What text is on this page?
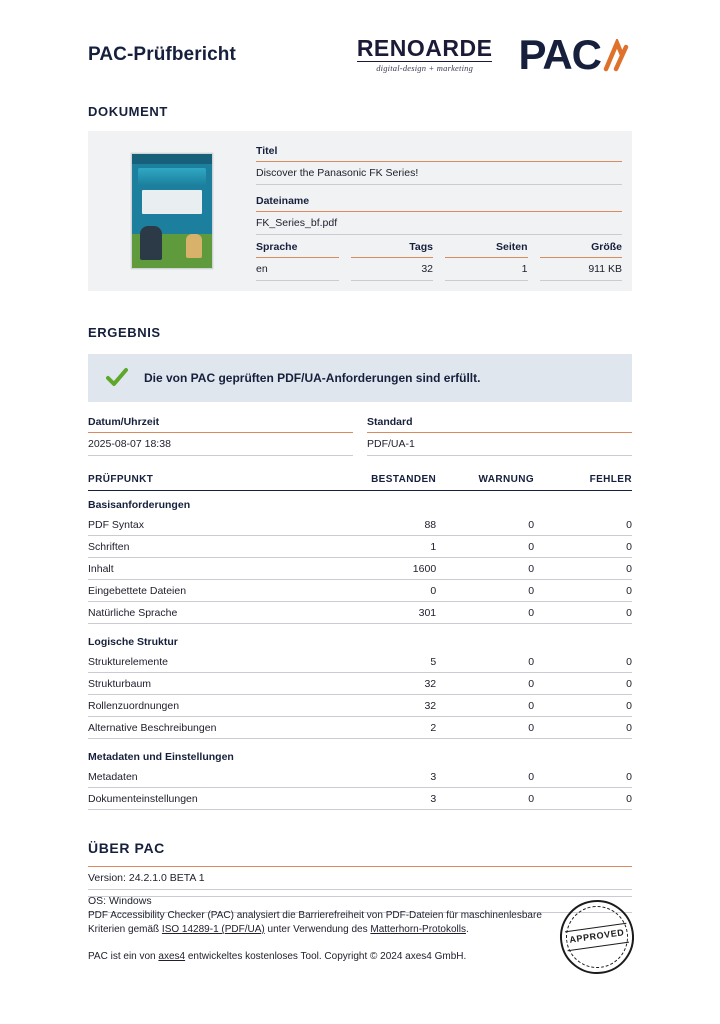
PAC-Prüfbericht	RENOARDE
digital-design + marketing	PAC
DOKUMENT
Titel
Discover the Panasonic FK Series!
Dateiname
FK_Series_bf.pdf
Sprache
en
Tags
32
Seiten
1
Größe
911 KB
ERGEBNIS
Die von PAC geprüften PDF/UA-Anforderungen sind erfüllt.
Datum/Uhrzeit
2025-08-07 18:38
Standard
PDF/UA-1
PRÜFPUNKT	BESTANDEN	WARNUNG	FEHLER
Basisanforderungen			
PDF Syntax	88	0	0
Schriften	1	0	0
Inhalt	1600	0	0
Eingebettete Dateien	0	0	0
Natürliche Sprache	301	0	0
Logische Struktur			
Strukturelemente	5	0	0
Strukturbaum	32	0	0
Rollenzuordnungen	32	0	0
Alternative Beschreibungen	2	0	0
Metadaten und Einstellungen			
Metadaten	3	0	0
Dokumenteinstellungen	3	0	0
ÜBER PAC
Version: 24.2.1.0 BETA 1
OS: Windows

PDF Accessibility Checker (PAC) analysiert die Barrierefreiheit von PDF-Dateien für maschinenlesbare Kriterien gemäß ISO 14289-1 (PDF/UA) unter Verwendung des Matterhorn-Protokolls.

PAC ist ein von axes4 entwickeltes kostenloses Tool. Copyright © 2024 axes4 GmbH.

APPROVED
